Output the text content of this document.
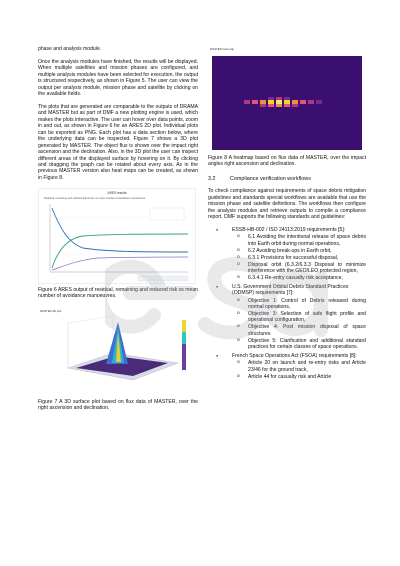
phase and analysis module.

Once the analysis modules have finished, the results will be displayed. When multiple satellites and mission phases are configured, and multiple analysis modules have been selected for execution, the output is structured respectively, as shown in Figure 5. The user can view the output per analysis module, mission phase and satellite by clicking on the available fields.

The plots that are generated are comparable to the outputs of DRAMA and MASTER but as part of DMF a new plotting engine is used, which makes the plots interactive. The user can hover over data points, zoom in and out, as shown in Figure 6 for an ARES 2D plot. Individual plots can be exported as PNG. Each plot has a data section below, where the underlying data can be inspected. Figure 7 shows a 3D plot generated by MASTER. The object flux is shown over the impact right ascension and the declination. Also, in the 3D plot the user can inspect different areas of the displayed surface by hovering on it. By clicking and dragging the graph can be rotated about every axis. As in the previous MASTER version also heat maps can be created, as shown in Figure 8.

ARES results
Residual, remaining and reduced debris flux vs mean number of avoidance manoeuvres

Figure 6 ARES output of residual, remaining and reduced risk vs mean number of avoidance manoeuvres.

MASTER 3D plot

Figure 7 A 3D surface plot based on flux data of MASTER, over the right ascension and declination.

MASTER heat map

Figure 8 A heatmap based on flux data of MASTER, over the impact angles right ascension and declination.

3.2	Compliance verification workflows

To check compliance against requirements of space debris mitigation guidelines and standards special workflows are available that use the mission phase and satellite definitions. The workflows then configure the analysis modules and retrieve outputs to compile a compliance report. DMF supports the following standards and guidelines:

● ESSB-HB-002 / ISO 24113:2019 requirements [5]:
o 6.1 Avoiding the intentional release of space debris into Earth orbit during normal operations,
o 6.2 Avoiding break-ups in Earth orbit,
o 6.3.1 Provisions for successful disposal,
o Disposal orbit (6.3.2/6.3.3 Disposal to minimize interference with the GEO/LEO protected region,
o 6.3.4.1 Re-entry casualty risk acceptance,
● U.S. Government Orbital Debris Standard Practices (ODMSP) requirements [7]:
o Objective 1: Control of Debris released during normal operations,
o Objective 3: Selection of safe flight profile and operational configuration,
o Objective 4: Post mission disposal of space structures
o Objective 5: Clarification and additional standard practices for certain classes of space operations.
● French Space Operations Act (FSOA) requirements [8]:
o Article 20 on launch and re-entry risks and Article 23/46 for the ground track,
o Article 44 for casualty risk and Article
